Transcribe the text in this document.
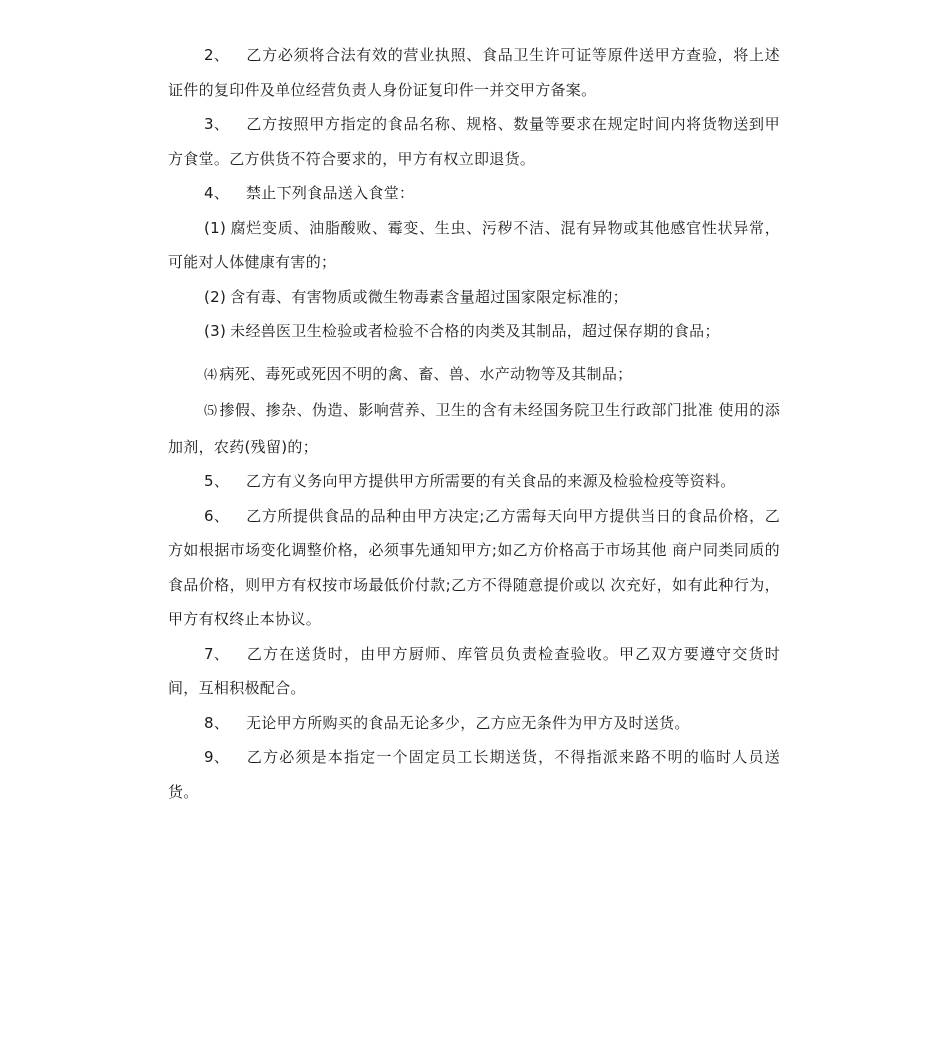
2、 乙方必须将合法有效的营业执照、食品卫生许可证等原件送甲方查验，将上述证件的复印件及单位经营负责人身份证复印件一并交甲方备案。

3、 乙方按照甲方指定的食品名称、规格、数量等要求在规定时间内将货物送到甲方食堂。乙方供货不符合要求的，甲方有权立即退货。

4、 禁止下列食品送入食堂：

(1) 腐烂变质、油脂酸败、霉变、生虫、污秽不洁、混有异物或其他感官性状异常，可能对人体健康有害的；

(2) 含有毒、有害物质或微生物毒素含量超过国家限定标准的；

(3) 未经兽医卫生检验或者检验不合格的肉类及其制品，超过保存期的食品；

⑷ 病死、毒死或死因不明的禽、畜、兽、水产动物等及其制品；

⑸ 掺假、掺杂、伪造、影响营养、卫生的含有未经国务院卫生行政部门批准 使用的添加剂，农药(残留)的；

5、 乙方有义务向甲方提供甲方所需要的有关食品的来源及检验检疫等资料。

6、 乙方所提供食品的品种由甲方决定;乙方需每天向甲方提供当日的食品价格，乙方如根据市场变化调整价格，必须事先通知甲方;如乙方价格高于市场其他 商户同类同质的食品价格，则甲方有权按市场最低价付款;乙方不得随意提价或以 次充好，如有此种行为，甲方有权终止本协议。

7、 乙方在送货时，由甲方厨师、库管员负责检查验收。甲乙双方要遵守交货时间，互相积极配合。

8、 无论甲方所购买的食品无论多少，乙方应无条件为甲方及时送货。

9、 乙方必须是本指定一个固定员工长期送货，不得指派来路不明的临时人员送货。
